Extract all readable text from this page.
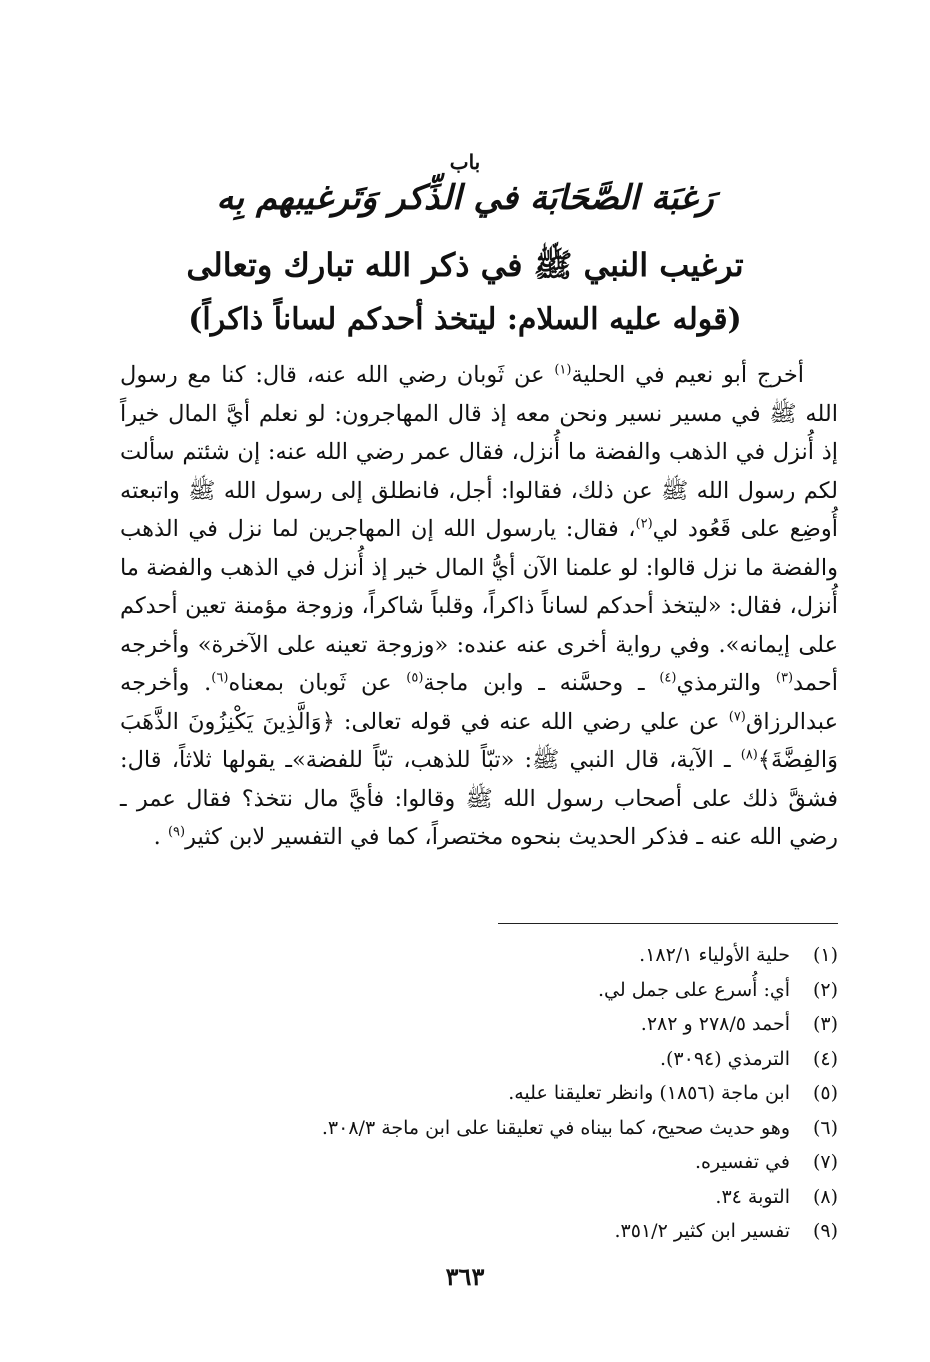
باب
رَغبَة الصَّحَابَة في الذِّكر وَتَرغيبهم بِه
ترغيب النبي ﷺ في ذكر الله تبارك وتعالى
(قوله عليه السلام: ليتخذ أحدكم لساناً ذاكراً)

أخرج أبو نعيم في الحلية$^{(١)}$ عن ثَوبان رضي الله عنه، قال: كنا مع رسول الله ﷺ في مسير نسير ونحن معه إذ قال المهاجرون: لو نعلم أيَّ المال خيراً إذ أُنزل في الذهب والفضة ما أُنزل، فقال عمر رضي الله عنه: إن شئتم سألت لكم رسول الله ﷺ عن ذلك، فقالوا: أجل، فانطلق إلى رسول الله ﷺ واتبعته أُوضِع على قَعُود لي$^{(٢)}$، فقال: يارسول الله إن المهاجرين لما نزل في الذهب والفضة ما نزل قالوا: لو علمنا الآن أيُّ المال خير إذ أُنزل في الذهب والفضة ما أُنزل، فقال: «ليتخذ أحدكم لساناً ذاكراً، وقلباً شاكراً، وزوجة مؤمنة تعين أحدكم على إيمانه». وفي رواية أخرى عنه عنده: «وزوجة تعينه على الآخرة» وأخرجه أحمد$^{(٣)}$ والترمذي$^{(٤)}$ ـ وحسَّنه ـ وابن ماجة$^{(٥)}$ عن ثَوبان بمعناه$^{(٦)}$. وأخرجه عبدالرزاق$^{(٧)}$ عن علي رضي الله عنه في قوله تعالى: ﴿وَالَّذِينَ يَكْنِزُونَ الذَّهَبَ وَالفِضَّةَ﴾$^{(٨)}$ ـ الآية، قال النبي ﷺ: «تبّاً للذهب، تبّاً للفضة»ـ يقولها ثلاثاً، قال: فشقَّ ذلك على أصحاب رسول الله ﷺ وقالوا: فأيَّ مال نتخذ؟ فقال عمر ـ رضي الله عنه ـ فذكر الحديث بنحوه مختصراً، كما في التفسير لابن كثير$^{(٩)}$ .

(١)
حلية الأولياء ١٨٢/١.
(٢)
أي: أُسرع على جمل لي.
(٣)
أحمد ٢٧٨/٥ و ٢٨٢.
(٤)
الترمذي (٣٠٩٤).
(٥)
ابن ماجة (١٨٥٦) وانظر تعليقنا عليه.
(٦)
وهو حديث صحيح، كما بيناه في تعليقنا على ابن ماجة ٣٠٨/٣.
(٧)
في تفسيره.
(٨)
التوبة ٣٤.
(٩)
تفسير ابن كثير ٣٥١/٢.
٣٦٣
